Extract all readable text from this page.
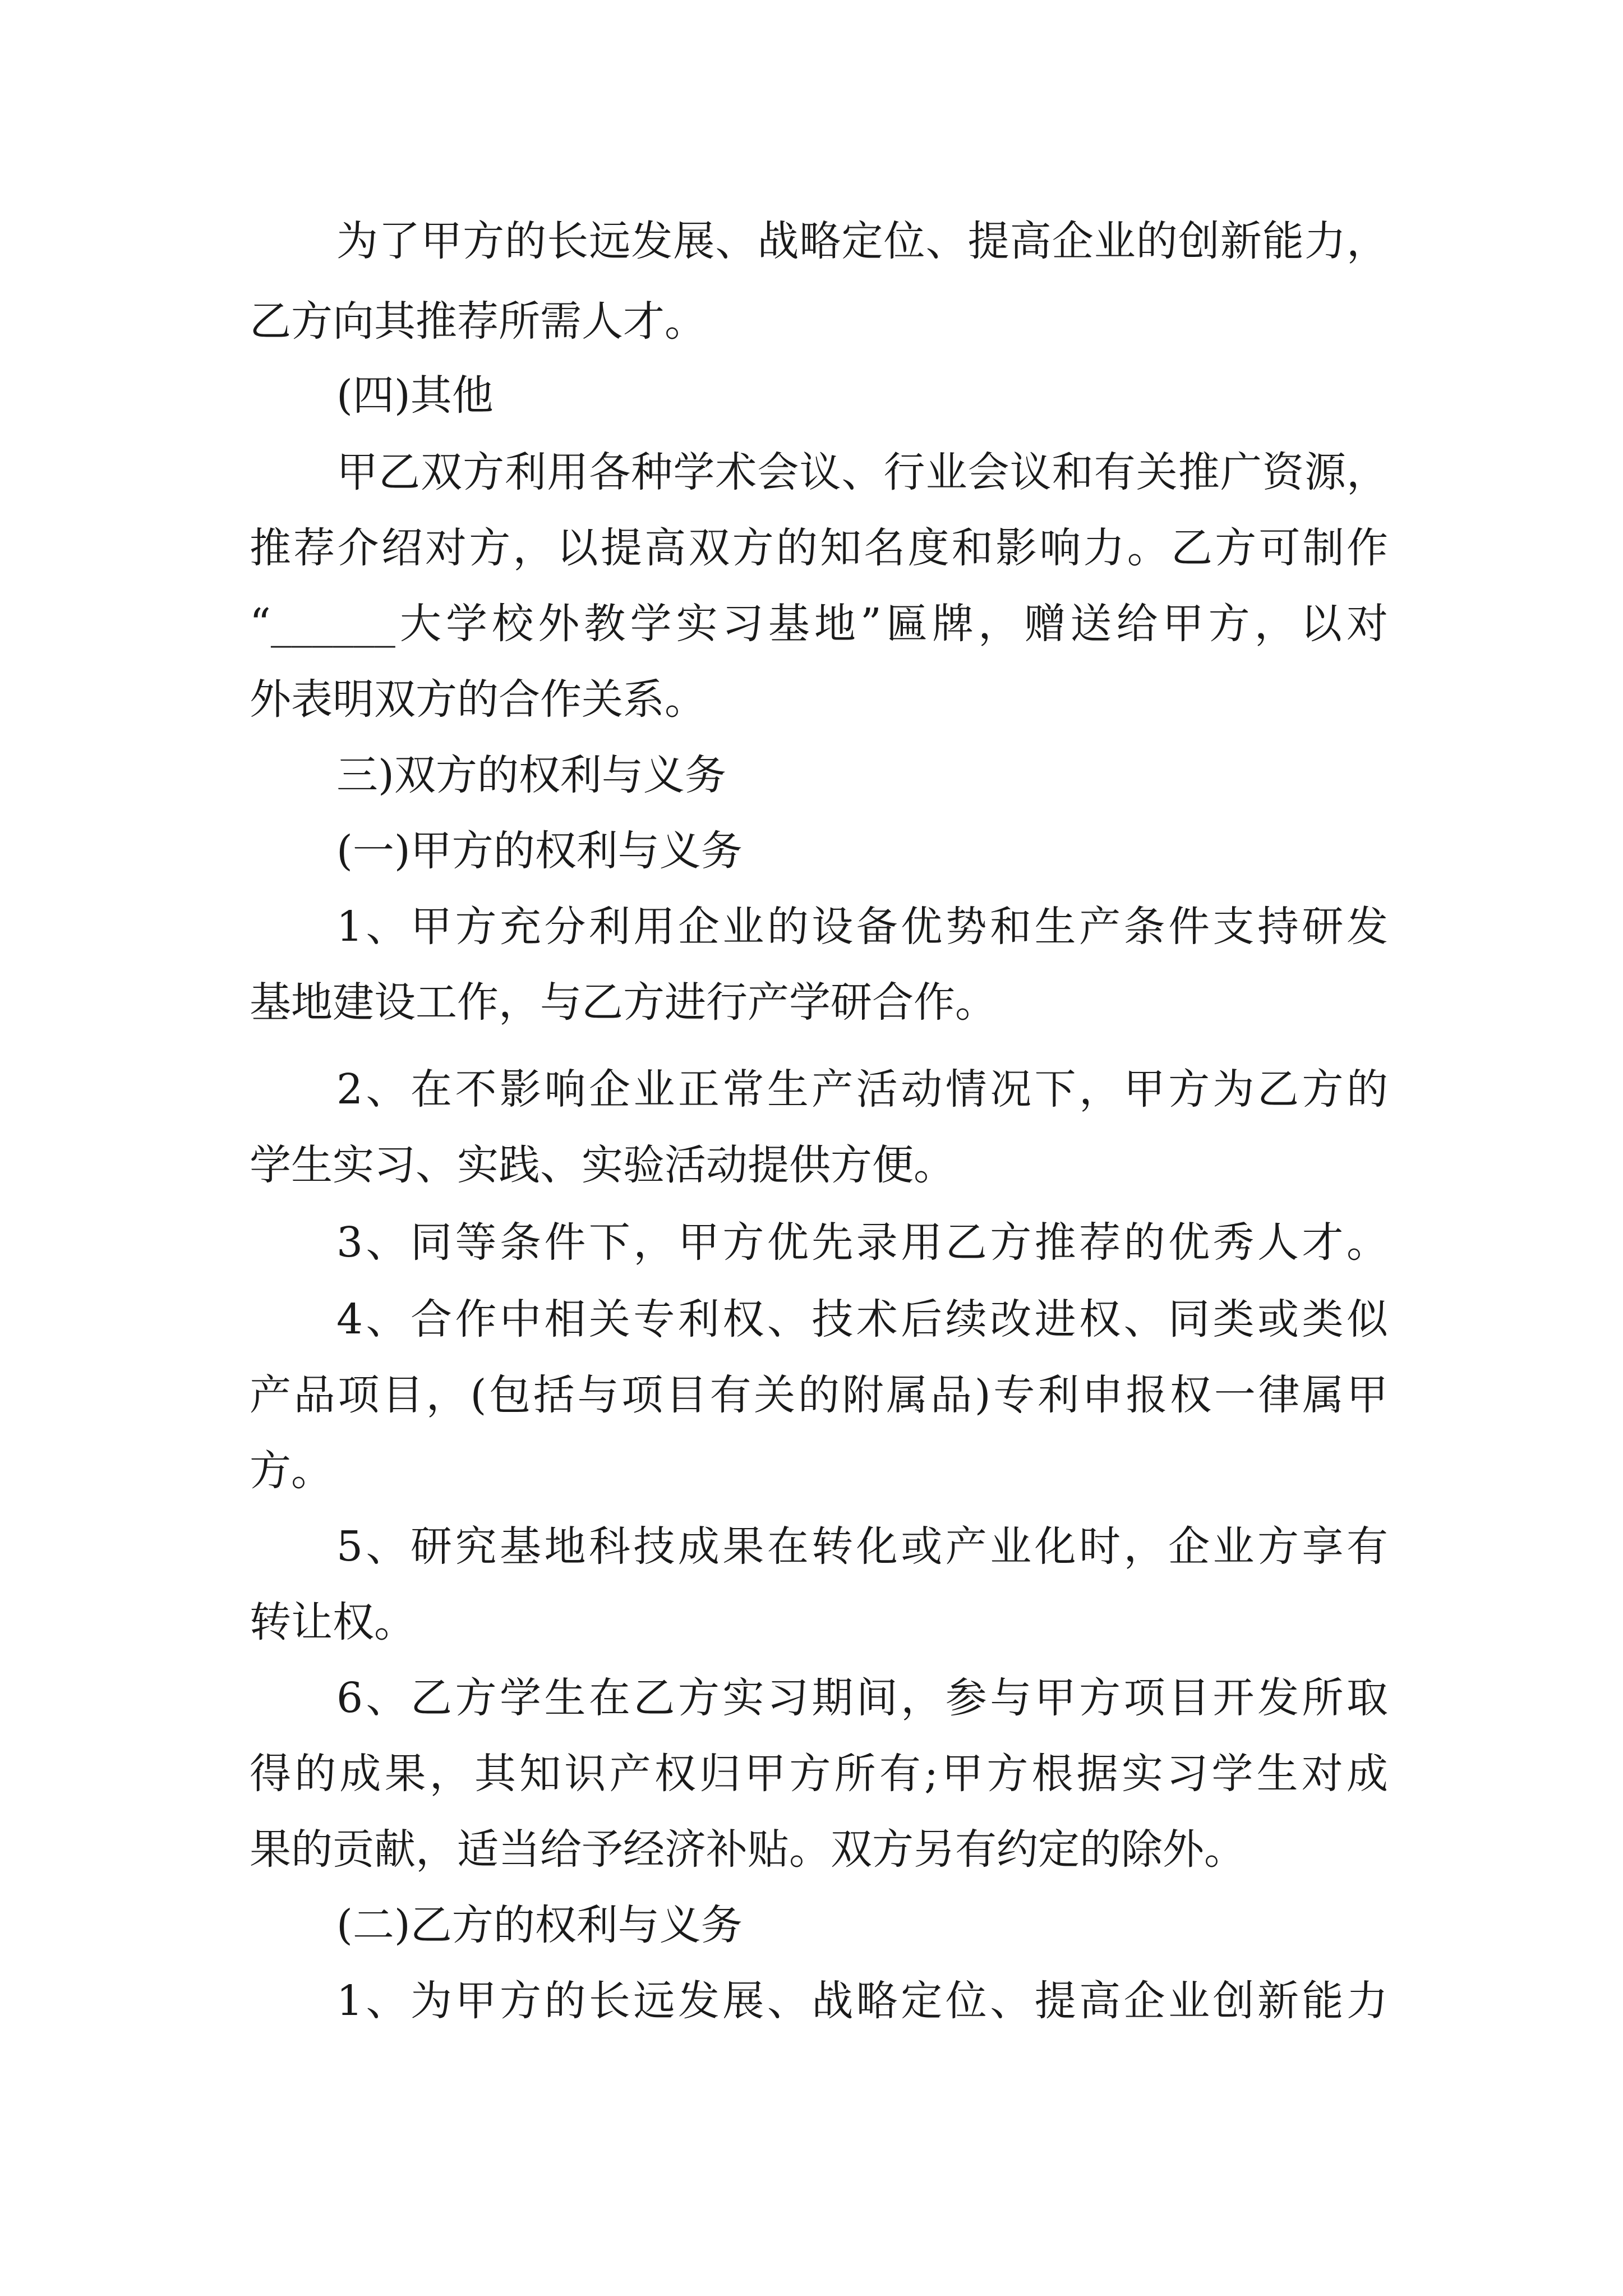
为了甲方的长远发展、战略定位、提高企业的创新能力，
乙方向其推荐所需人才。
(四)其他
甲乙双方利用各种学术会议、行业会议和有关推广资源，
推荐介绍对方，以提高双方的知名度和影响力。乙方可制作
“______大学校外教学实习基地”匾牌，赠送给甲方，以对
外表明双方的合作关系。
三)双方的权利与义务
(一)甲方的权利与义务
1、甲方充分利用企业的设备优势和生产条件支持研发
基地建设工作，与乙方进行产学研合作。
2、在不影响企业正常生产活动情况下，甲方为乙方的
学生实习、实践、实验活动提供方便。
3、同等条件下，甲方优先录用乙方推荐的优秀人才。
4、合作中相关专利权、技术后续改进权、同类或类似
产品项目，(包括与项目有关的附属品)专利申报权一律属甲
方。
5、研究基地科技成果在转化或产业化时，企业方享有
转让权。
6、乙方学生在乙方实习期间，参与甲方项目开发所取
得的成果，其知识产权归甲方所有;甲方根据实习学生对成
果的贡献，适当给予经济补贴。双方另有约定的除外。
(二)乙方的权利与义务
1、为甲方的长远发展、战略定位、提高企业创新能力
